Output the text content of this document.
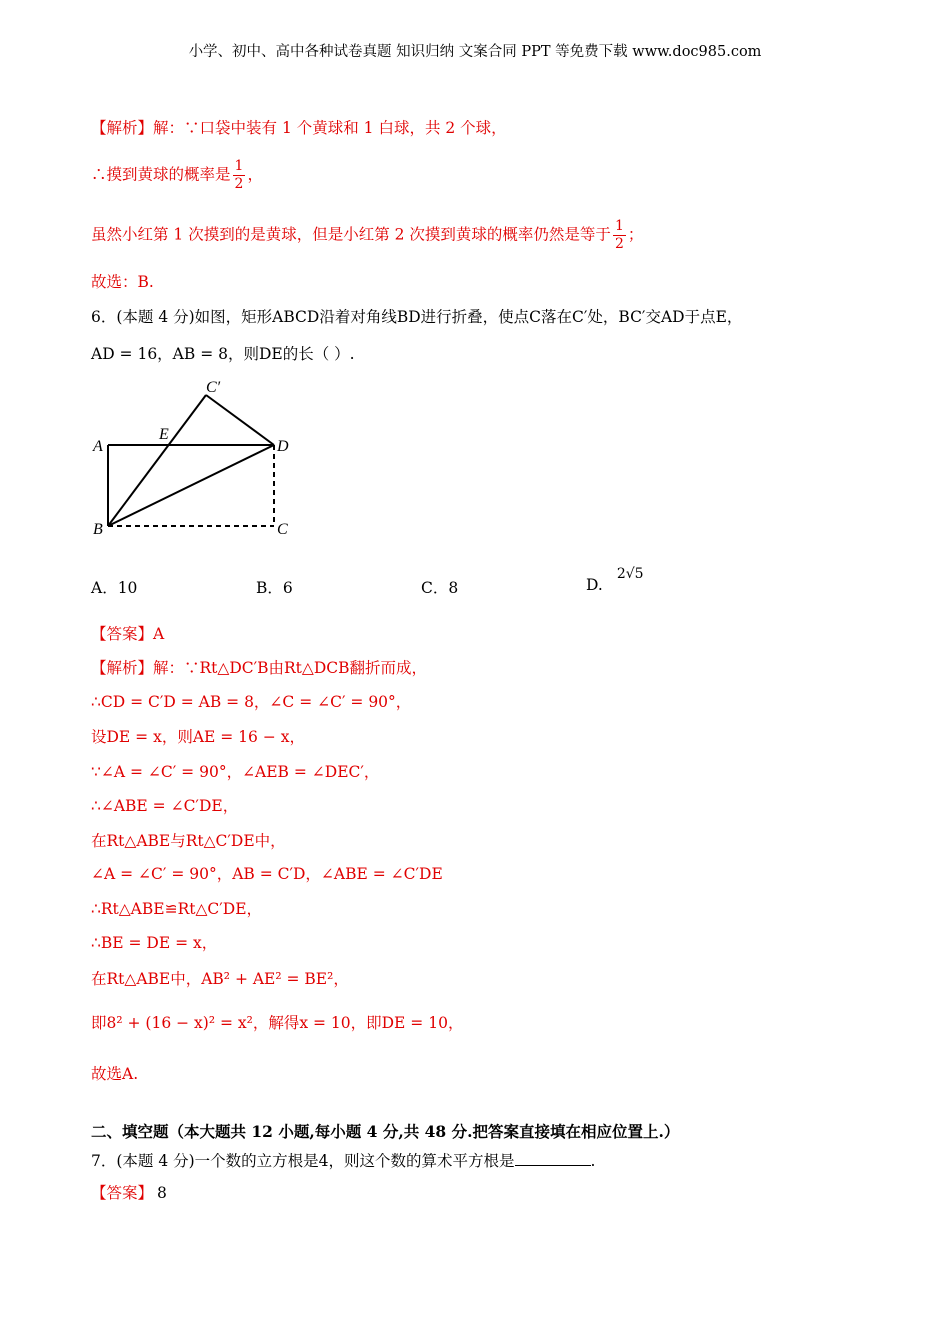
小学、初中、高中各种试卷真题 知识归纳 文案合同 PPT 等免费下载 www.doc985.com
【解析】解：∵口袋中装有 1 个黄球和 1 白球，共 2 个球，
∴摸到黄球的概率是 $\frac{1}{2}$ ，
虽然小红第 1 次摸到的是黄球，但是小红第 2 次摸到黄球的概率仍然是等于 $\frac{1}{2}$ ；
故选：B.
6．(本题 4 分)如图，矩形ABCD沿着对角线BD进行折叠，使点C落在C′处，BC′交AD于点E，
AD = 16，AB = 8，则DE的长（ ）.
A
B	C
D
E
C′
A．10	B．6	C．8	D.2√5
【答案】A
【解析】解：∵Rt△DC′B由Rt△DCB翻折而成，
∴CD = C′D = AB = 8，∠C = ∠C′ = 90°，
设DE = x，则AE = 16 − x，
∵∠A = ∠C′ = 90°，∠AEB = ∠DEC′，
∴∠ABE = ∠C′DE，
在Rt△ABE与Rt△C′DE中，
∠A = ∠C′ = 90°，AB = C′D，∠ABE = ∠C′DE
∴Rt△ABE≌Rt△C′DE，
∴BE = DE = x，
在Rt△ABE中，AB² + AE² = BE²，
即8² + (16 − x)² = x²，解得x = 10，即DE = 10，
故选A.
二、填空题（本大题共 12 小题,每小题 4 分,共 48 分.把答案直接填在相应位置上.）
7．(本题 4 分)一个数的立方根是4，则这个数的算术平方根是	.
【答案】 8
